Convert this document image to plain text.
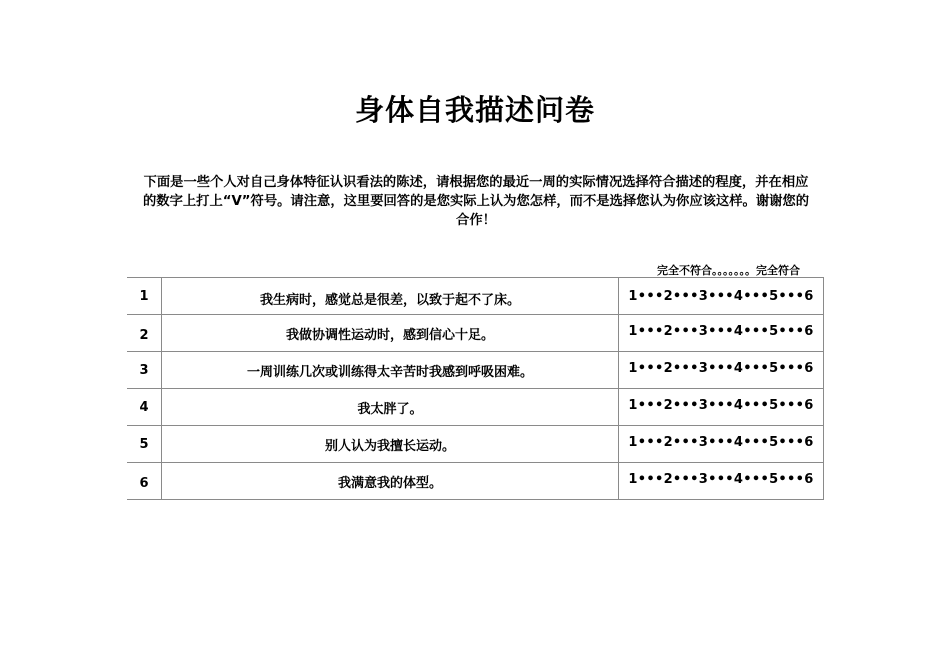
身体自我描述问卷
下面是一些个人对自己身体特征认识看法的陈述，请根据您的最近一周的实际情况选择符合描述的程度，并在相应的数字上打上“V”符号。请注意，这里要回答的是您实际上认为您怎样，而不是选择您认为你应该这样。谢谢您的合作！
完全不符合。。。。。。。完全符合
1	我生病时，感觉总是很差，以致于起不了床。	1•••2•••3•••4•••5•••6
2	我做协调性运动时，感到信心十足。	1•••2•••3•••4•••5•••6
3	一周训练几次或训练得太辛苦时我感到呼吸困难。	1•••2•••3•••4•••5•••6
4	我太胖了。	1•••2•••3•••4•••5•••6
5	别人认为我擅长运动。	1•••2•••3•••4•••5•••6
6	我满意我的体型。	1•••2•••3•••4•••5•••6
